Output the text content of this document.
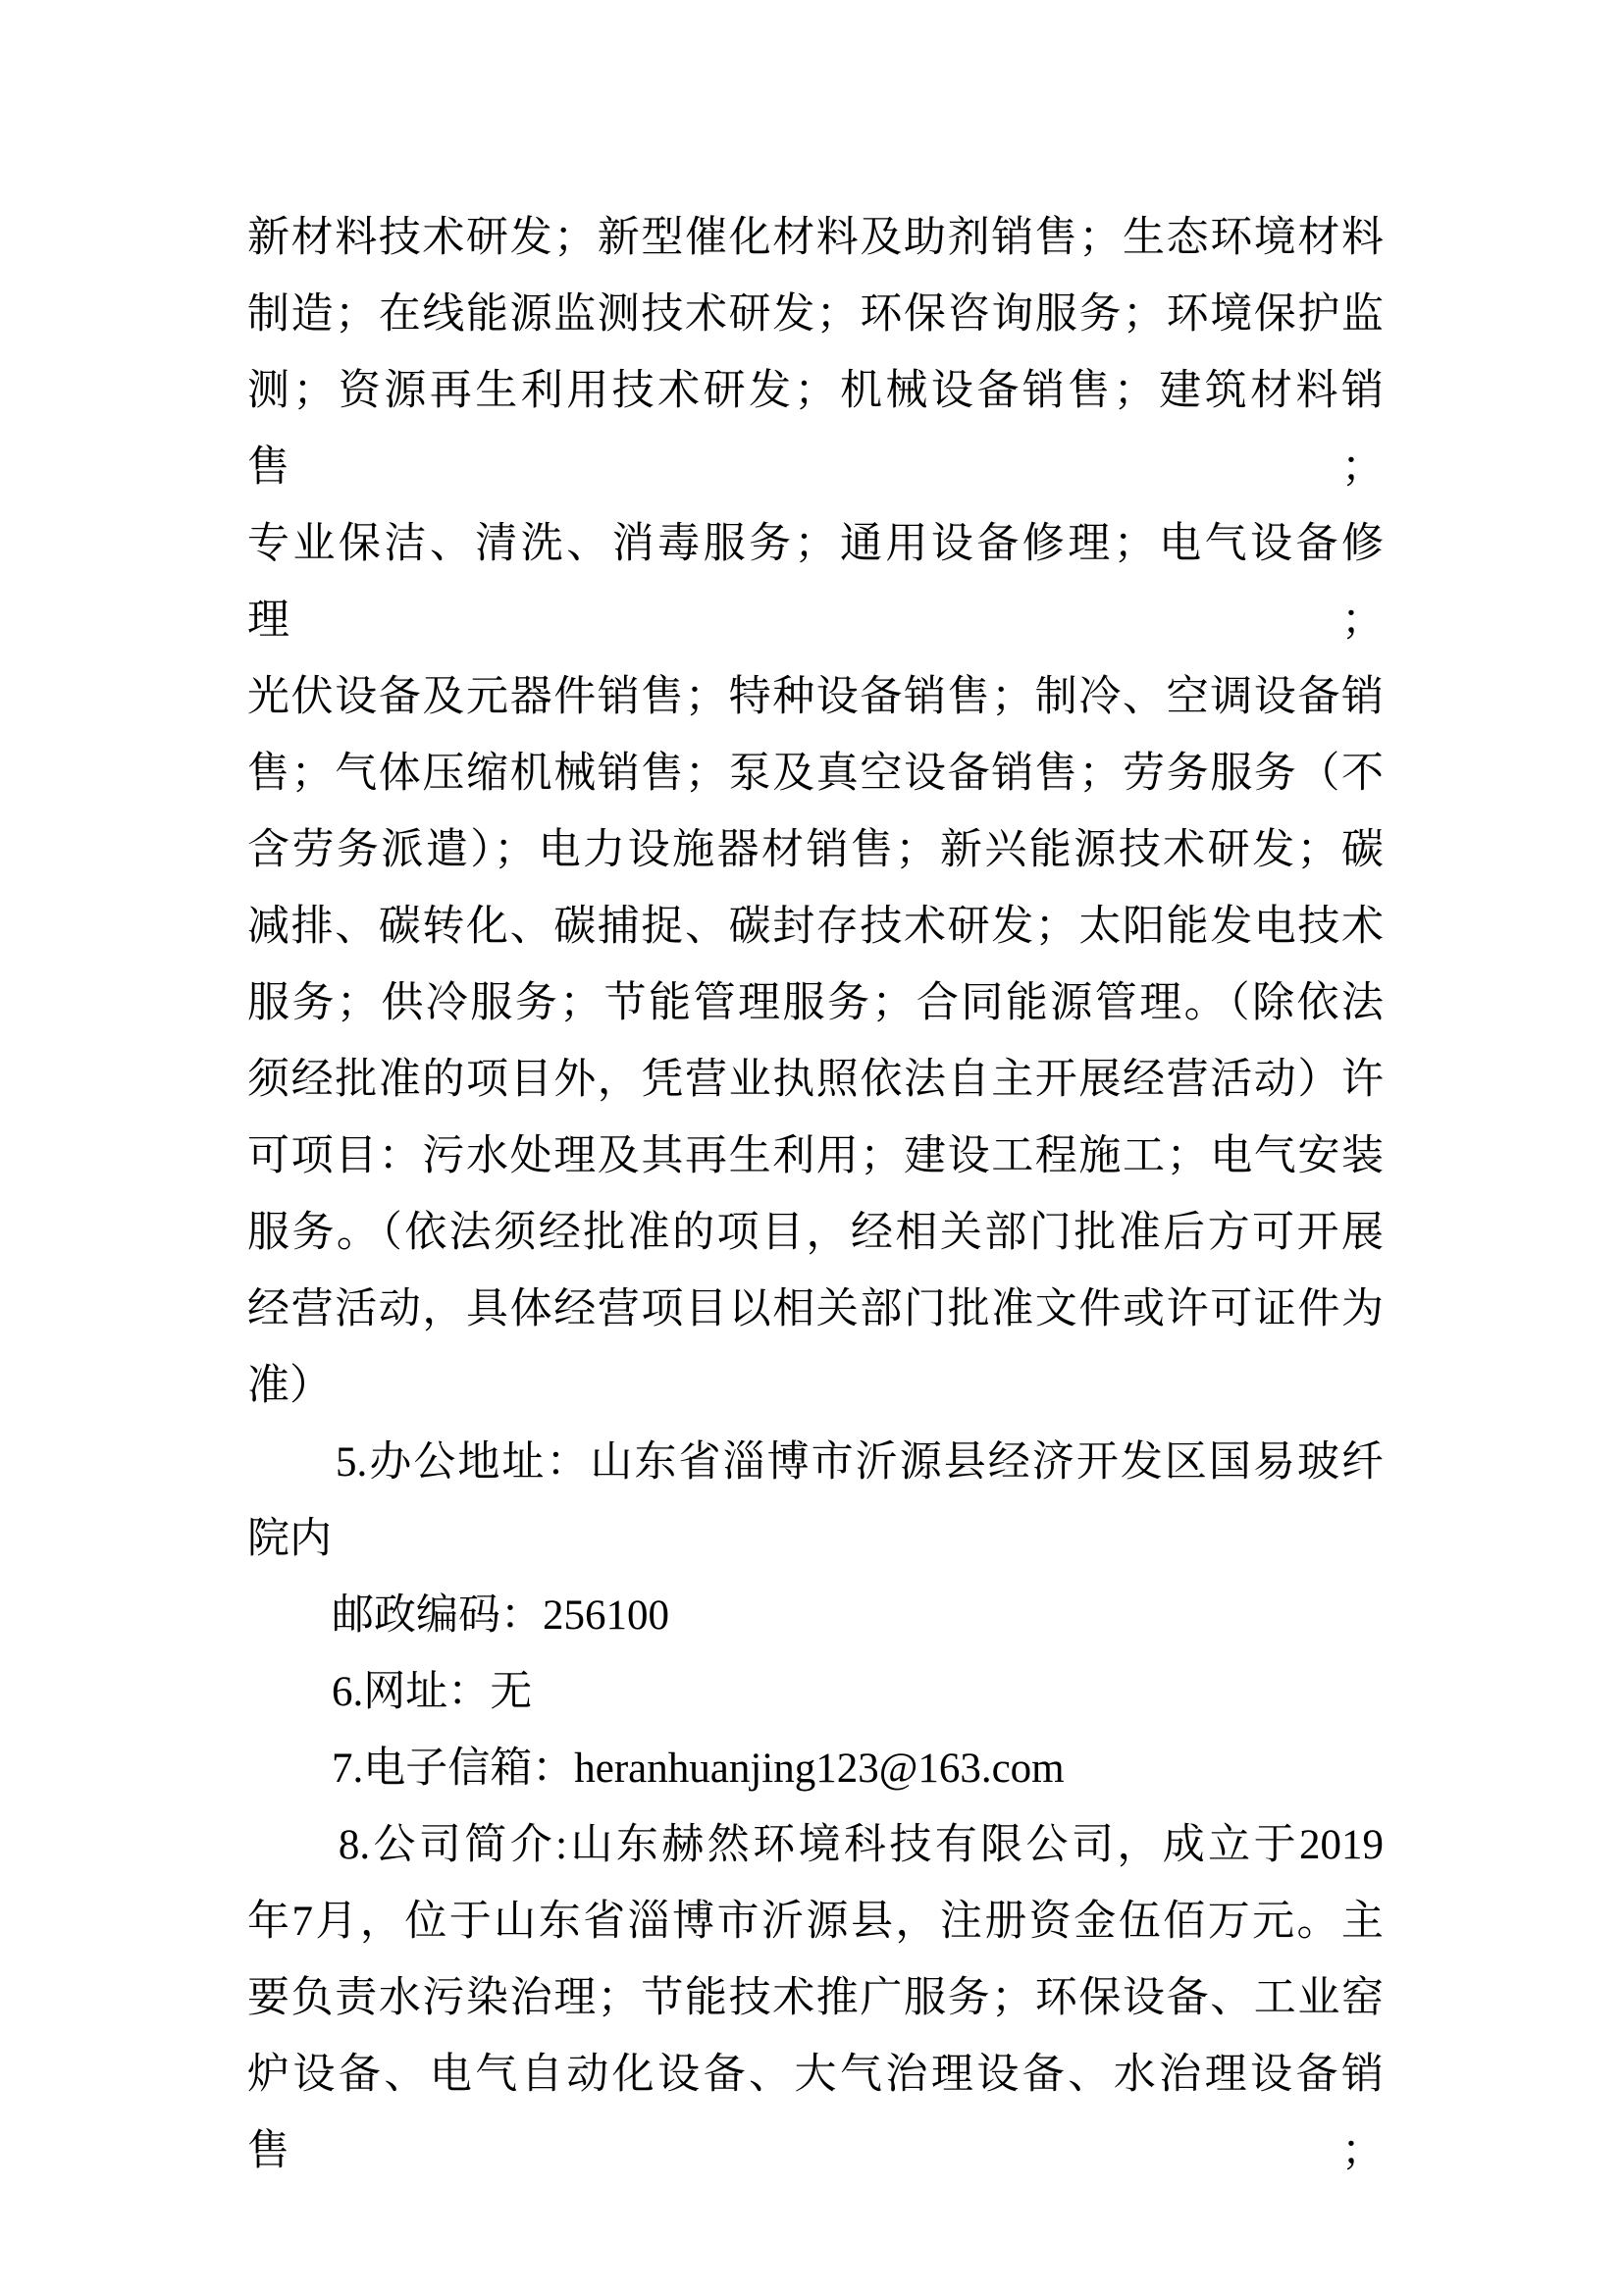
新材料技术研发；新型催化材料及助剂销售；生态环境材料
制造；在线能源监测技术研发；环保咨询服务；环境保护监
测；资源再生利用技术研发；机械设备销售；建筑材料销售；
专业保洁、清洗、消毒服务；通用设备修理；电气设备修理；
光伏设备及元器件销售；特种设备销售；制冷、空调设备销
售；气体压缩机械销售；泵及真空设备销售；劳务服务（不
含劳务派遣）；电力设施器材销售；新兴能源技术研发；碳
减排、碳转化、碳捕捉、碳封存技术研发；太阳能发电技术
服务；供冷服务；节能管理服务；合同能源管理。（除依法
须经批准的项目外，凭营业执照依法自主开展经营活动）许
可项目：污水处理及其再生利用；建设工程施工；电气安装
服务。（依法须经批准的项目，经相关部门批准后方可开展
经营活动，具体经营项目以相关部门批准文件或许可证件为
准）
　　5.办公地址：山东省淄博市沂源县经济开发区国易玻纤
院内
　　邮政编码：256100
　　6.网址：无
　　7.电子信箱：heranhuanjing123@163.com
　　8.公司简介:山东赫然环境科技有限公司，成立于2019
年7月，位于山东省淄博市沂源县，注册资金伍佰万元。主
要负责水污染治理；节能技术推广服务；环保设备、工业窑
炉设备、电气自动化设备、大气治理设备、水治理设备销售；
